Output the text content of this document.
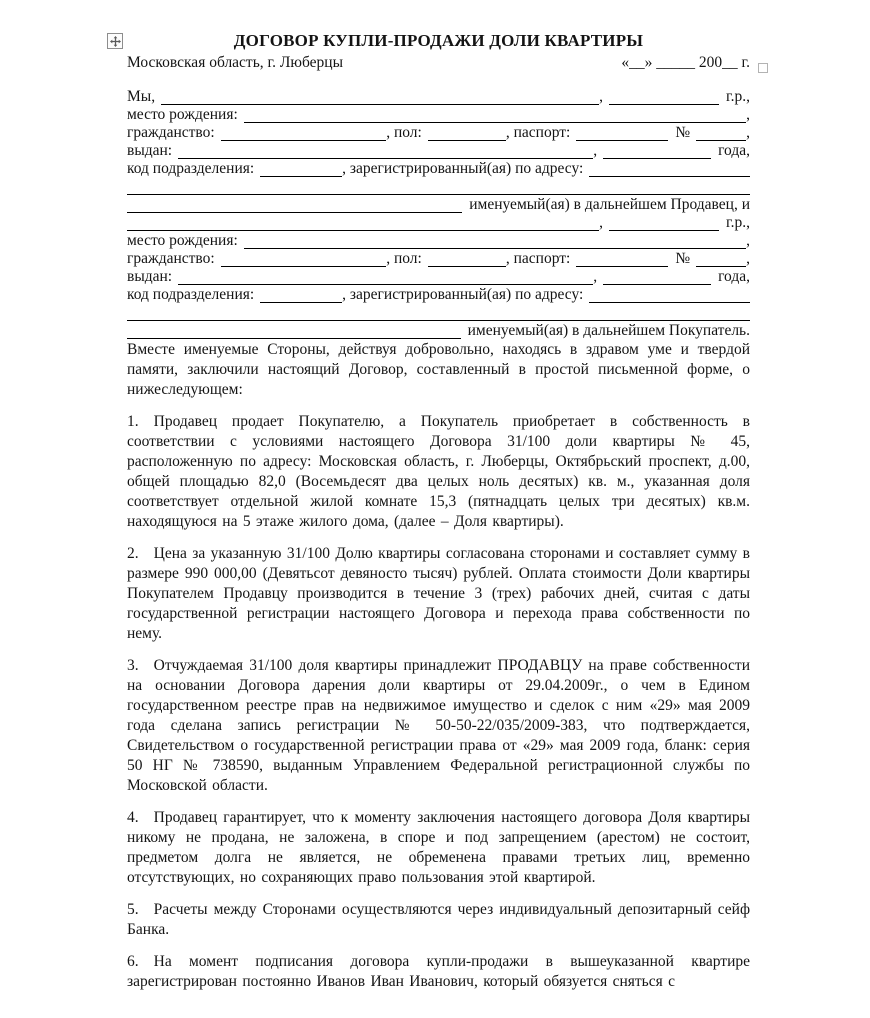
ДОГОВОР КУПЛИ-ПРОДАЖИ ДОЛИ КВАРТИРЫ
Московская область, г. Люберцы	«__» _____ 200__ г.
Мы,	,	г.р.,
место рождения:	,
гражданство:	, пол:	, паспорт:	№	,
выдан:	,	года,
код подразделения:	, зарегистрированный(ая) по адресу:
именуемый(ая) в дальнейшем Продавец, и
,	г.р.,
место рождения:	,
гражданство:	, пол:	, паспорт:	№	,
выдан:	,	года,
код подразделения:	, зарегистрированный(ая) по адресу:
именуемый(ая) в дальнейшем Покупатель.

Вместе именуемые Стороны, действуя добровольно, находясь в здравом уме и твердой памяти, заключили настоящий Договор, составленный в простой письменной форме, о нижеследующем:

1. Продавец продает Покупателю, а Покупатель приобретает в собственность в соответствии с условиями настоящего Договора 31/100 доли квартиры № 45, расположенную по адресу: Московская область, г. Люберцы, Октябрьский проспект, д.00, общей площадью 82,0 (Восемьдесят два целых ноль десятых) кв. м., указанная доля соответствует отдельной жилой комнате 15,3 (пятнадцать целых три десятых) кв.м. находящуюся на 5 этаже жилого дома, (далее – Доля квартиры).

2. Цена за указанную 31/100 Долю квартиры согласована сторонами и составляет сумму в размере 990 000,00 (Девятьсот девяносто тысяч) рублей. Оплата стоимости Доли квартиры Покупателем Продавцу производится в течение 3 (трех) рабочих дней, считая с даты государственной регистрации настоящего Договора и перехода права собственности по нему.

3. Отчуждаемая 31/100 доля квартиры принадлежит ПРОДАВЦУ на праве собственности на основании Договора дарения доли квартиры от 29.04.2009г., о чем в Едином государственном реестре прав на недвижимое имущество и сделок с ним «29» мая 2009 года сделана запись регистрации № 50-50-22/035/2009-383, что подтверждается, Свидетельством о государственной регистрации права от «29» мая 2009 года, бланк: серия 50 НГ № 738590, выданным Управлением Федеральной регистрационной службы по Московской области.

4. Продавец гарантирует, что к моменту заключения настоящего договора Доля квартиры никому не продана, не заложена, в споре и под запрещением (арестом) не состоит, предметом долга не является, не обременена правами третьих лиц, временно отсутствующих, но сохраняющих право пользования этой квартирой.

5. Расчеты между Сторонами осуществляются через индивидуальный депозитарный сейф Банка.

6. На момент подписания договора купли-продажи в вышеуказанной квартире зарегистрирован постоянно Иванов Иван Иванович, который обязуется сняться с
